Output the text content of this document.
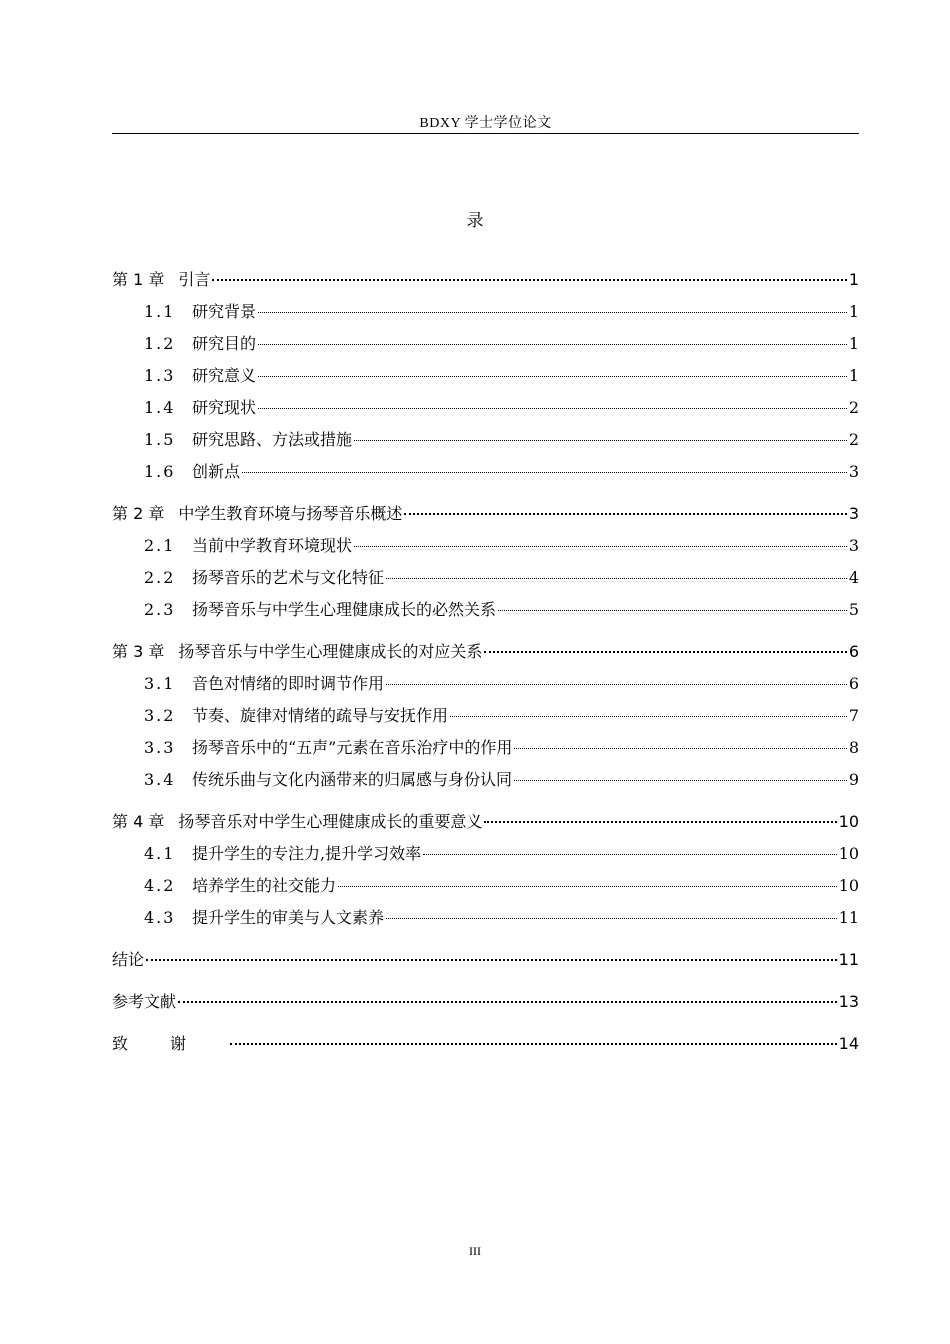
BDXY 学士学位论文
录
第 1 章 引言	1
1.1 研究背景	1
1.2 研究目的	1
1.3 研究意义	1
1.4 研究现状	2
1.5 研究思路、方法或措施	2
1.6 创新点	3
第 2 章 中学生教育环境与扬琴音乐概述	3
2.1 当前中学教育环境现状	3
2.2 扬琴音乐的艺术与文化特征	4
2.3 扬琴音乐与中学生心理健康成长的必然关系	5
第 3 章 扬琴音乐与中学生心理健康成长的对应关系	6
3.1 音色对情绪的即时调节作用	6
3.2 节奏、旋律对情绪的疏导与安抚作用	7
3.3 扬琴音乐中的“五声”元素在音乐治疗中的作用	8
3.4 传统乐曲与文化内涵带来的归属感与身份认同	9
第 4 章 扬琴音乐对中学生心理健康成长的重要意义	10
4.1 提升学生的专注力,提升学习效率	10
4.2 培养学生的社交能力	10
4.3 提升学生的审美与人文素养	11
结论	11
参考文献	13
致谢	14
III
